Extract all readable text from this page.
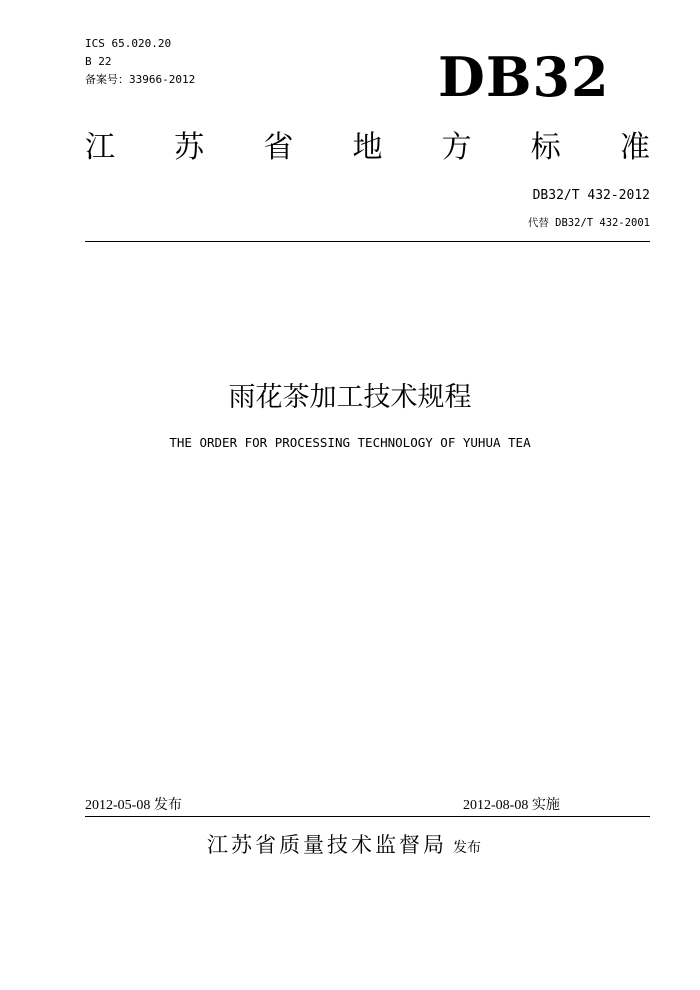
ICS 65.020.20
B 22
备案号：33966-2012	DB32
江 苏 省 地 方 标 准
DB32/T 432-2012
代替 DB32/T 432-2001
雨花茶加工技术规程
THE ORDER FOR PROCESSING TECHNOLOGY OF YUHUA TEA
2012-05-08 发布	2012-08-08 实施
江苏省质量技术监督局 发布
